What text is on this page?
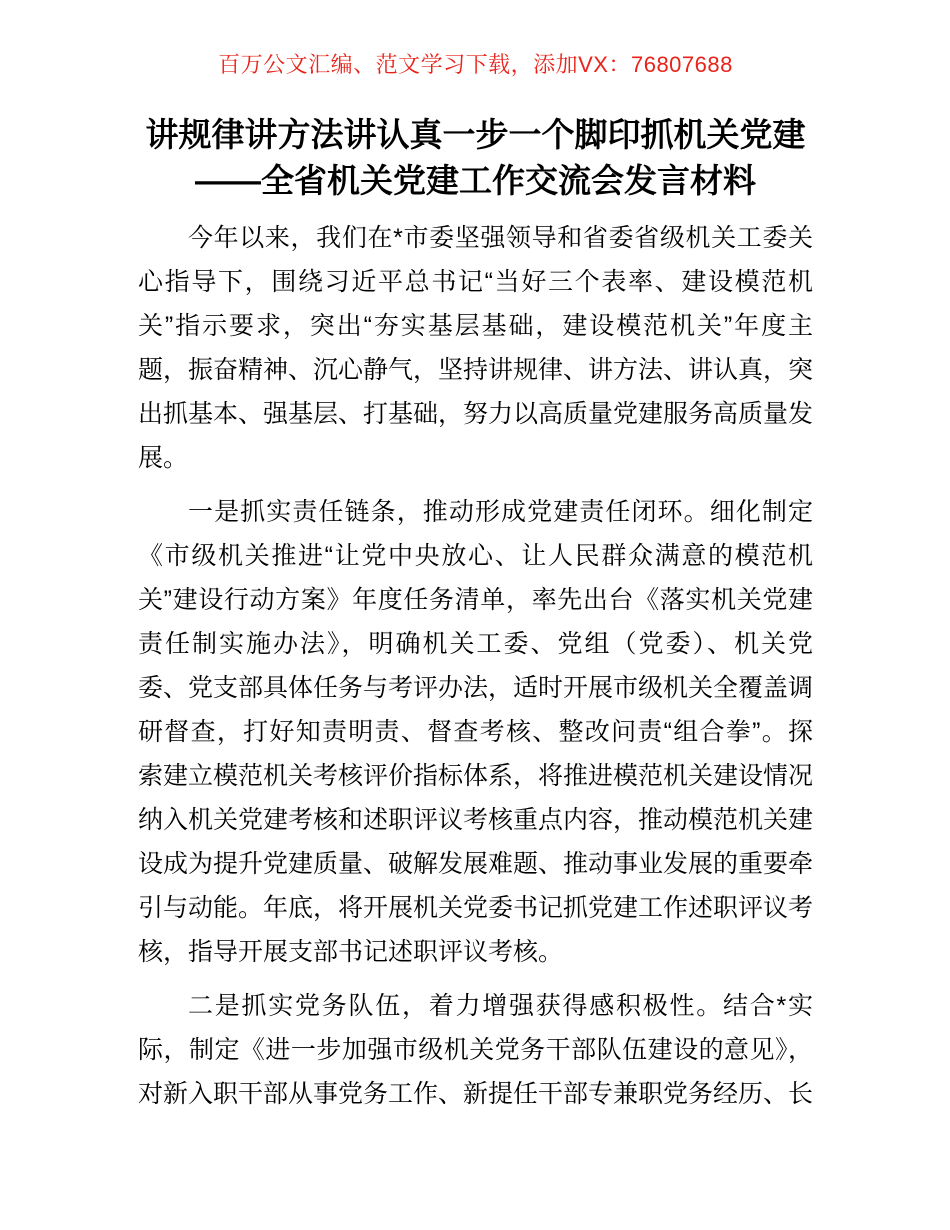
百万公文汇编、范文学习下载，添加VX：76807688
讲规律讲方法讲认真一步一个脚印抓机关党建
——全省机关党建工作交流会发言材料
今年以来，我们在*市委坚强领导和省委省级机关工委关
心指导下，围绕习近平总书记“当好三个表率、建设模范机
关”指示要求，突出“夯实基层基础，建设模范机关”年度主
题，振奋精神、沉心静气，坚持讲规律、讲方法、讲认真，突
出抓基本、强基层、打基础，努力以高质量党建服务高质量发
展。
一是抓实责任链条，推动形成党建责任闭环。细化制定
《市级机关推进“让党中央放心、让人民群众满意的模范机
关”建设行动方案》年度任务清单，率先出台《落实机关党建
责任制实施办法》，明确机关工委、党组（党委）、机关党
委、党支部具体任务与考评办法，适时开展市级机关全覆盖调
研督查，打好知责明责、督查考核、整改问责“组合拳”。探
索建立模范机关考核评价指标体系，将推进模范机关建设情况
纳入机关党建考核和述职评议考核重点内容，推动模范机关建
设成为提升党建质量、破解发展难题、推动事业发展的重要牵
引与动能。年底，将开展机关党委书记抓党建工作述职评议考
核，指导开展支部书记述职评议考核。
二是抓实党务队伍，着力增强获得感积极性。结合*实
际，制定《进一步加强市级机关党务干部队伍建设的意见》，
对新入职干部从事党务工作、新提任干部专兼职党务经历、长
